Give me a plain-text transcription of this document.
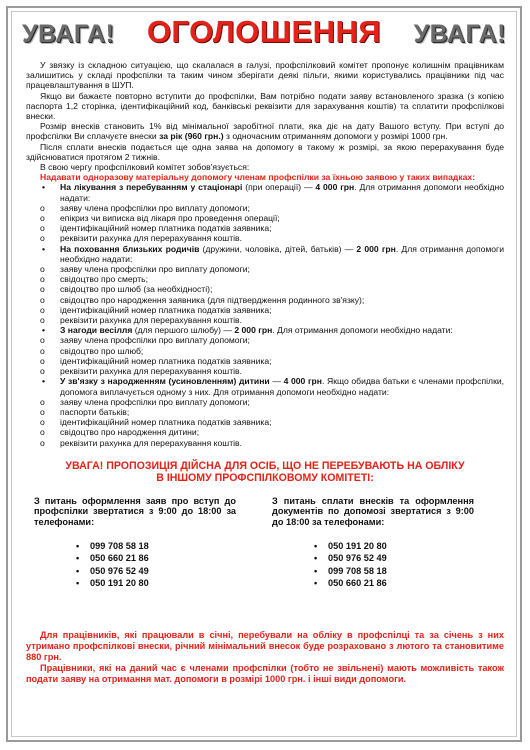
УВАГА! ОГОЛОШЕННЯ УВАГА!

У звязку із складною ситуацією, що скалалася в галузі, профспілковий комітет пропонує колишнім працівникам залишитись у складі профспілки та таким чином зберігати деякі пільги, якими користувались працівники під час працевлаштування в ШУП.

Якщо ви бажаєте повторно вступити до профспілки, Вам потрібно подати заяву встановленого зразка (з копією паспорта 1,2 сторінка, ідентифікаційний код, банківські реквізити для зарахування коштів) та сплатити профспілкові внески.

Розмір внесків становить 1% від мінімальної заробітної плати, яка діє на дату Вашого вступу. При вступі до профспілки Ви сплачуєте внески за рік (960 грн.) з одночасним отриманням допомоги у розмірі 1000 грн.

Після сплати внесків подається ще одна заява на допомогу в такому ж розмірі, за якою перерахування буде здійснюватися протягом 2 тижнів.

В свою чергу профспілковий комітет зобов'язується:

Надавати одноразову матеріальну допомогу членам профспілки за їхньою заявою у таких випадках:

• На лікування з перебуванням у стаціонарі (при операції) — 4 000 грн. Для отримання допомоги необхідно надати:
o заяву члена профспілки про виплату допомоги;
o епікриз чи виписка від лікаря про проведення операції;
o ідентифікаційний номер платника податків заявника;
o реквізити рахунка для перерахування коштів.
• На поховання близьких родичів (дружини, чоловіка, дітей, батьків) — 2 000 грн. Для отримання допомоги необхідно надати:
o заяву члена профспілки про виплату допомоги;
o свідоцтво про смерть;
o свідоцтво про шлюб (за необхідності);
o свідоцтво про народження заявника (для підтвердження родинного зв'язку);
o ідентифікаційний номер платника податків заявника;
o реквізити рахунка для перерахування коштів.
• З нагоди весілля (для першого шлюбу) — 2 000 грн. Для отримання допомоги необхідно надати:
o заяву члена профспілки про виплату допомоги;
o свідоцтво про шлюб;
o ідентифікаційний номер платника податків заявника;
o реквізити рахунка для перерахування коштів.
• У зв'язку з народженням (усиновленням) дитини — 4 000 грн. Якщо обидва батьки є членами профспілки, допомога виплачується одному з них. Для отримання допомоги необхідно надати:
o заяву члена профспілки про виплату допомоги;
o паспорти батьків;
o ідентифікаційний номер платника податків заявника;
o свідоцтво про народження дитини;
o реквізити рахунка для перерахування коштів.
УВАГА! ПРОПОЗИЦІЯ ДІЙСНА ДЛЯ ОСІБ, ЩО НЕ ПЕРЕБУВАЮТЬ НА ОБЛІКУ
В ІНШОМУ ПРОФСПІЛКОВОМУ КОМІТЕТІ:
З питань оформлення заяв про вступ до профспілки звертатися з 9:00 до 18:00 за телефонами:
• 099 708 58 18
• 050 660 21 86
• 050 976 52 49
• 050 191 20 80
З питань сплати внесків та оформлення документів по допомозі звертатися з 9:00 до 18:00 за телефонами:
• 050 191 20 80
• 050 976 52 49
• 099 708 58 18
• 050 660 21 86

Для працівників, які працювали в січні, перебували на обліку в профспілці та за січень з них утримано профспілкові внески, річний мінімальний внесок буде розраховано з лютого та становитиме 880 грн.

Працівники, які на даний час є членами профспілки (тобто не звільнені) мають можливість також подати заяву на отримання мат. допомоги в розмірі 1000 грн. і інші види допомоги.
